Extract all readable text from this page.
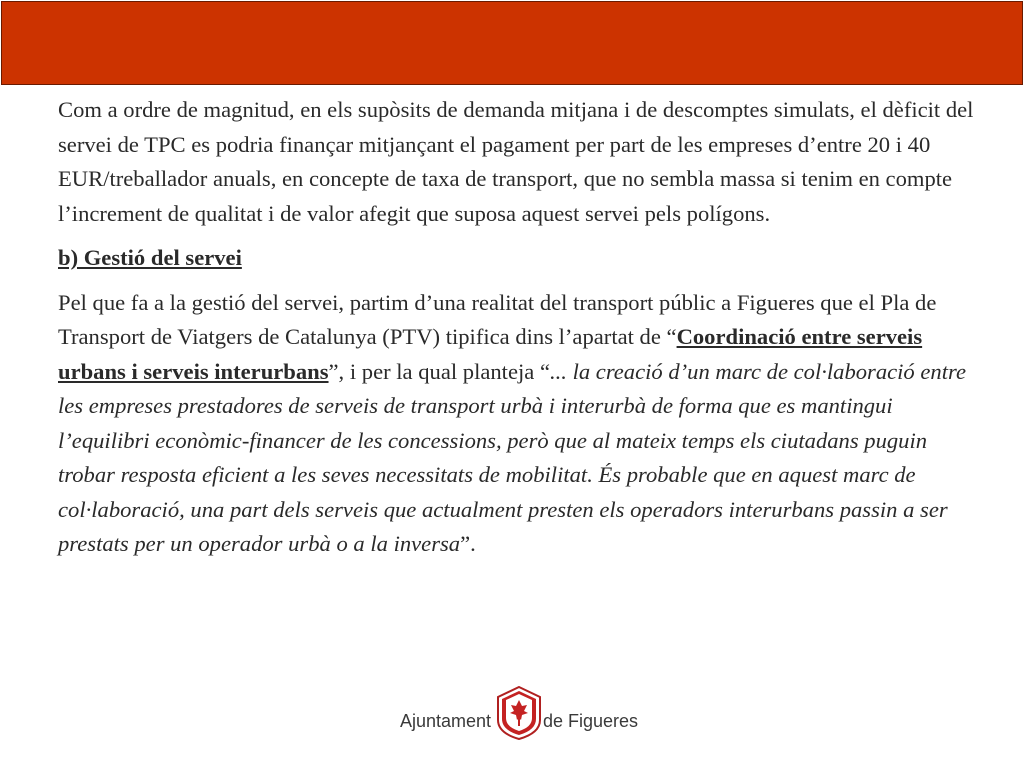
Com a ordre de magnitud, en els supòsits de demanda mitjana i de descomptes simulats, el dèficit del servei de TPC es podria finançar mitjançant el pagament per part de les empreses d’entre 20 i 40 EUR/treballador anuals, en concepte de taxa de transport, que no sembla massa si tenim en compte l’increment de qualitat i de valor afegit que suposa aquest servei pels polígons.

b) Gestió del servei

Pel que fa a la gestió del servei, partim d’una realitat del transport públic a Figueres que el Pla de Transport de Viatgers de Catalunya (PTV) tipifica dins l’apartat de “Coordinació entre serveis urbans i serveis interurbans”, i per la qual planteja “... la creació d’un marc de col·laboració entre les empreses prestadores de serveis de transport urbà i interurbà de forma que es mantingui l’equilibri econòmic-financer de les concessions, però que al mateix temps els ciutadans puguin trobar resposta eficient a les seves necessitats de mobilitat. És probable que en aquest marc de col·laboració, una part dels serveis que actualment presten els operadors interurbans passin a ser prestats per un operador urbà o a la inversa”.

Ajuntament	de Figueres
